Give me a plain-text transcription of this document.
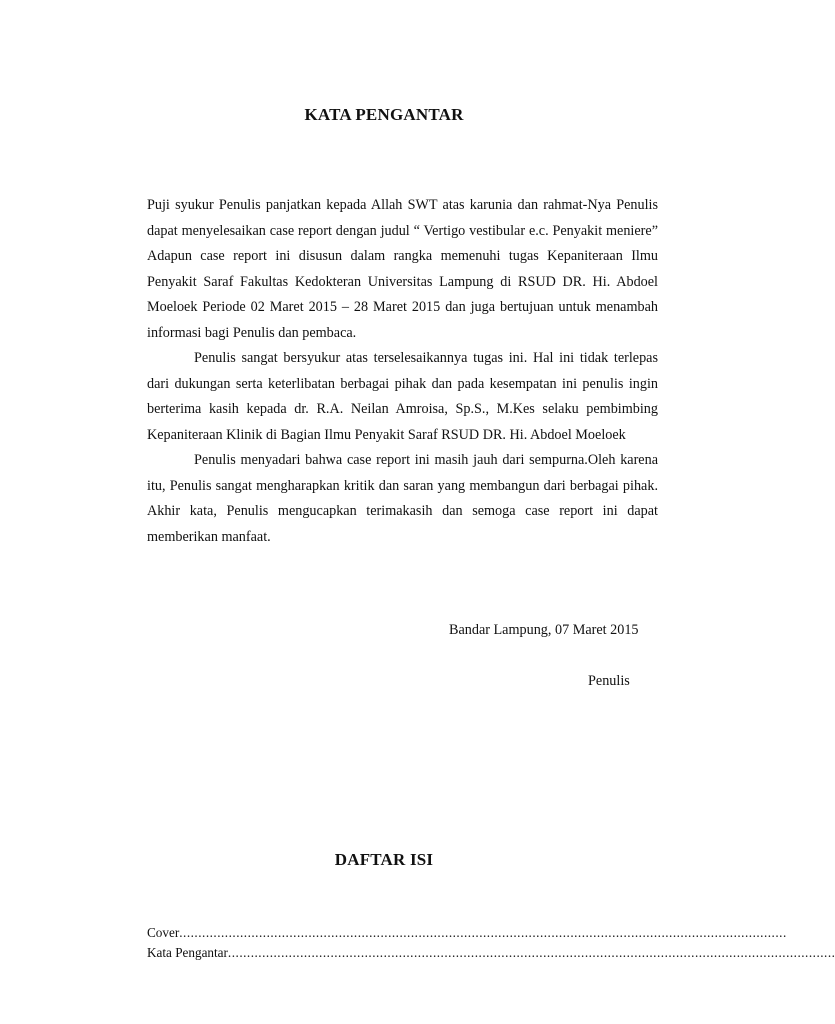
KATA PENGANTAR

Puji syukur Penulis panjatkan kepada Allah SWT atas karunia dan rahmat-Nya Penulis dapat menyelesaikan case report dengan judul “ Vertigo vestibular e.c. Penyakit meniere” Adapun case report ini disusun dalam rangka memenuhi tugas Kepaniteraan Ilmu Penyakit Saraf Fakultas Kedokteran Universitas Lampung di RSUD DR. Hi. Abdoel Moeloek Periode 02 Maret 2015 – 28 Maret 2015 dan juga bertujuan untuk menambah informasi bagi Penulis dan pembaca.

Penulis sangat bersyukur atas terselesaikannya tugas ini. Hal ini tidak terlepas dari dukungan serta keterlibatan berbagai pihak dan pada kesempatan ini penulis ingin berterima kasih kepada dr. R.A. Neilan Amroisa, Sp.S., M.Kes selaku pembimbing Kepaniteraan Klinik di Bagian Ilmu Penyakit Saraf RSUD DR. Hi. Abdoel Moeloek

Penulis menyadari bahwa case report ini masih jauh dari sempurna.Oleh karena itu, Penulis sangat mengharapkan kritik dan saran yang membangun dari berbagai pihak. Akhir kata, Penulis mengucapkan terimakasih dan semoga case report ini dapat memberikan manfaat.

Bandar Lampung, 07 Maret 2015
Penulis
DAFTAR ISI
Cover ................................................................................................................................................................
Kata Pengantar ................................................................................................................................................................
